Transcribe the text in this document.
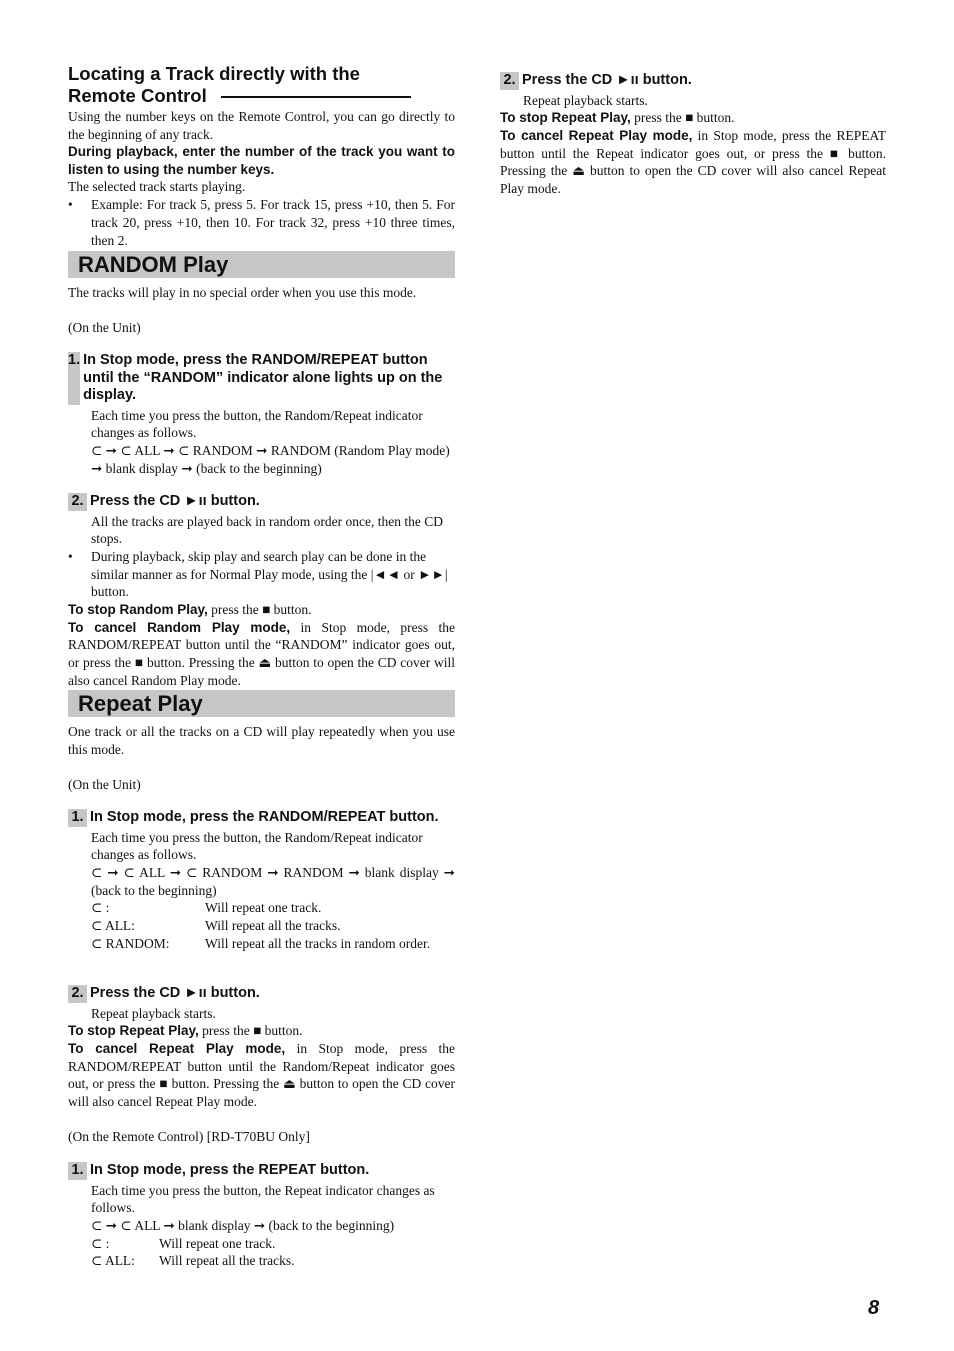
Locating a Track directly with the
Remote Control

Using the number keys on the Remote Control, you can go directly to the beginning of any track.

During playback, enter the number of the track you want to listen to using the number keys.

The selected track starts playing.

• Example: For track 5, press 5. For track 15, press +10, then 5. For track 20, press +10, then 10. For track 32, press +10 three times, then 2.
RANDOM Play
The tracks will play in no special order when you use this mode.
(On the Unit)
1. In Stop mode, press the RANDOM/REPEAT button until the “RANDOM” indicator alone lights up on the display.
Each time you press the button, the Random/Repeat indicator changes as follows.
⊂ ➞ ⊂ ALL ➞ ⊂ RANDOM ➞ RANDOM (Random Play mode) ➞ blank display ➞ (back to the beginning)
2. Press the CD ►ıı button.
All the tracks are played back in random order once, then the CD stops.
• During playback, skip play and search play can be done in the similar manner as for Normal Play mode, using the |◄◄ or ►►| button.

To stop Random Play, press the ■ button.

To cancel Random Play mode, in Stop mode, press the RANDOM/REPEAT button until the “RANDOM” indicator goes out, or press the ■ button. Pressing the ⏏ button to open the CD cover will also cancel Random Play mode.

Repeat Play
One track or all the tracks on a CD will play repeatedly when you use this mode.
(On the Unit)
1. In Stop mode, press the RANDOM/REPEAT button.
Each time you press the button, the Random/Repeat indicator changes as follows.
⊂ ➞ ⊂ ALL ➞ ⊂ RANDOM ➞ RANDOM ➞ blank display ➞ (back to the beginning)
⊂ :	Will repeat one track.
⊂ ALL:	Will repeat all the tracks.
⊂ RANDOM:	Will repeat all the tracks in random order.
2. Press the CD ►ıı button.
Repeat playback starts.

To stop Repeat Play, press the ■ button.

To cancel Repeat Play mode, in Stop mode, press the RANDOM/REPEAT button until the Random/Repeat indicator goes out, or press the ■ button. Pressing the ⏏ button to open the CD cover will also cancel Repeat Play mode.

(On the Remote Control) [RD-T70BU Only]
1. In Stop mode, press the REPEAT button.
Each time you press the button, the Repeat indicator changes as follows.
⊂ ➞ ⊂ ALL ➞ blank display ➞ (back to the beginning)
⊂ :	Will repeat one track.
⊂ ALL:	Will repeat all the tracks.
2. Press the CD ►ıı button.
Repeat playback starts.

To stop Repeat Play, press the ■ button.

To cancel Repeat Play mode, in Stop mode, press the REPEAT button until the Repeat indicator goes out, or press the ■ button. Pressing the ⏏ button to open the CD cover will also cancel Repeat Play mode.

8
